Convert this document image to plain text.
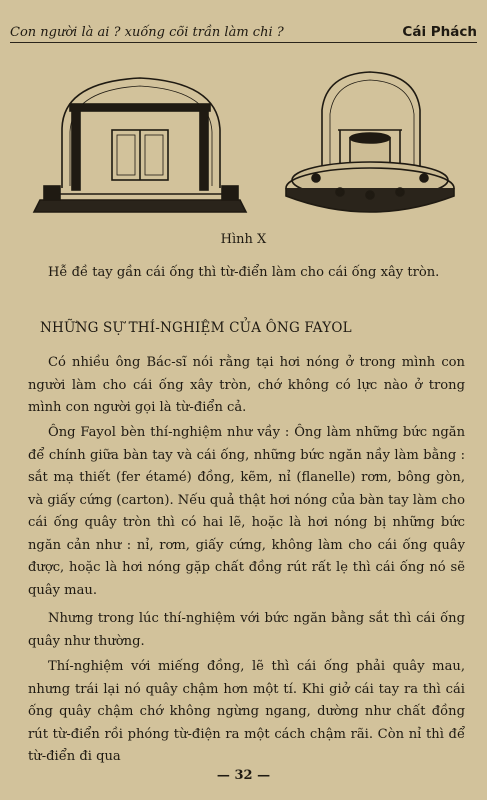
Con người là ai ? xuống cõi trần làm chi ?	Cái Phách
Hình X

Hễ đề tay gần cái ống thì từ-điển làm cho cái ống xây tròn.

NHỮNG SỰ THÍ-NGHIỆM CỦA ÔNG FAYOL

Có nhiều ông Bác-sĩ nói rằng tại hơi nóng ở trong mình con người làm cho cái ống xây tròn, chớ không có lực nào ở trong mình con người gọi là từ-điển cả.

Ông Fayol bèn thí-nghiệm như vầy : Ông làm những bức ngăn để chính giữa bàn tay và cái ống, những bức ngăn nầy làm bằng : sắt mạ thiết (fer étamé) đồng, kẽm, nỉ (flanelle) rơm, bông gòn, và giấy cứng (carton). Nếu quả thật hơi nóng của bàn tay làm cho cái ống quây tròn thì có hai lẽ, hoặc là hơi nóng bị những bức ngăn cản như : nỉ, rơm, giấy cứng, không làm cho cái ống quây được, hoặc là hơi nóng gặp chất đồng rút rất lẹ thì cái ống nó sẽ quây mau.

Nhưng trong lúc thí-nghiệm với bức ngăn bằng sắt thì cái ống quây như thường.

Thí-nghiệm với miếng đồng, lẽ thì cái ống phải quây mau, nhưng trái lại nó quây chậm hơn một tí. Khi giở cái tay ra thì cái ống quây chậm chớ không ngừng ngang, dường như chất đồng rút từ-điển rồi phóng từ-điện ra một cách chậm rãi. Còn nỉ thì để từ-điển đi qua

— 32 —
